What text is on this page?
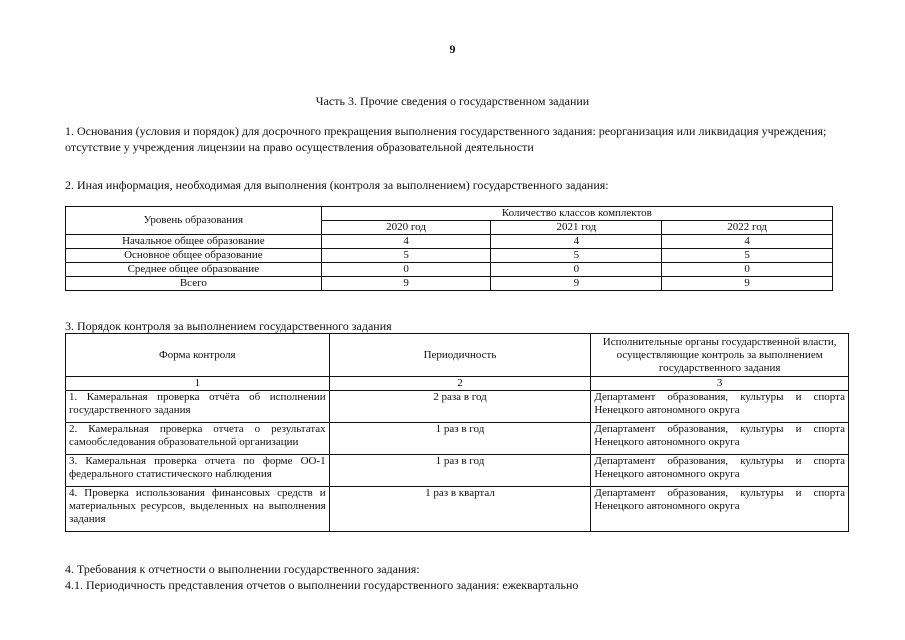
9
Часть 3. Прочие сведения о государственном задании
1. Основания (условия и порядок) для досрочного прекращения выполнения государственного задания: реорганизация или ликвидация учреждения; отсутствие у учреждения лицензии на право осуществления образовательной деятельности
2. Иная информация, необходимая для выполнения (контроля за выполнением) государственного задания:
Уровень образования	Количество классов комплектов		
	2020 год	2021 год	2022 год
Начальное общее образование	4	4	4
Основное общее образование	5	5	5
Среднее общее образование	0	0	0
Всего	9	9	9
3. Порядок контроля за выполнением государственного задания
Форма контроля	Периодичность	Исполнительные органы государственной власти, осуществляющие контроль за выполнением государственного задания
1	2	3
1. Камеральная проверка отчёта об исполнении государственного задания	2 раза в год	Департамент образования, культуры и спорта Ненецкого автономного округа
2. Камеральная проверка отчета о результатах самообследования образовательной организации	1 раз в год	Департамент образования, культуры и спорта Ненецкого автономного округа
3. Камеральная проверка отчета по форме ОО-1 федерального статистического наблюдения	1 раз в год	Департамент образования, культуры и спорта Ненецкого автономного округа
4. Проверка использования финансовых средств и материальных ресурсов, выделенных на выполнения задания	1 раз в квартал	Департамент образования, культуры и спорта Ненецкого автономного округа
4. Требования к отчетности о выполнении государственного задания:
4.1. Периодичность представления отчетов о выполнении государственного задания: ежеквартально
